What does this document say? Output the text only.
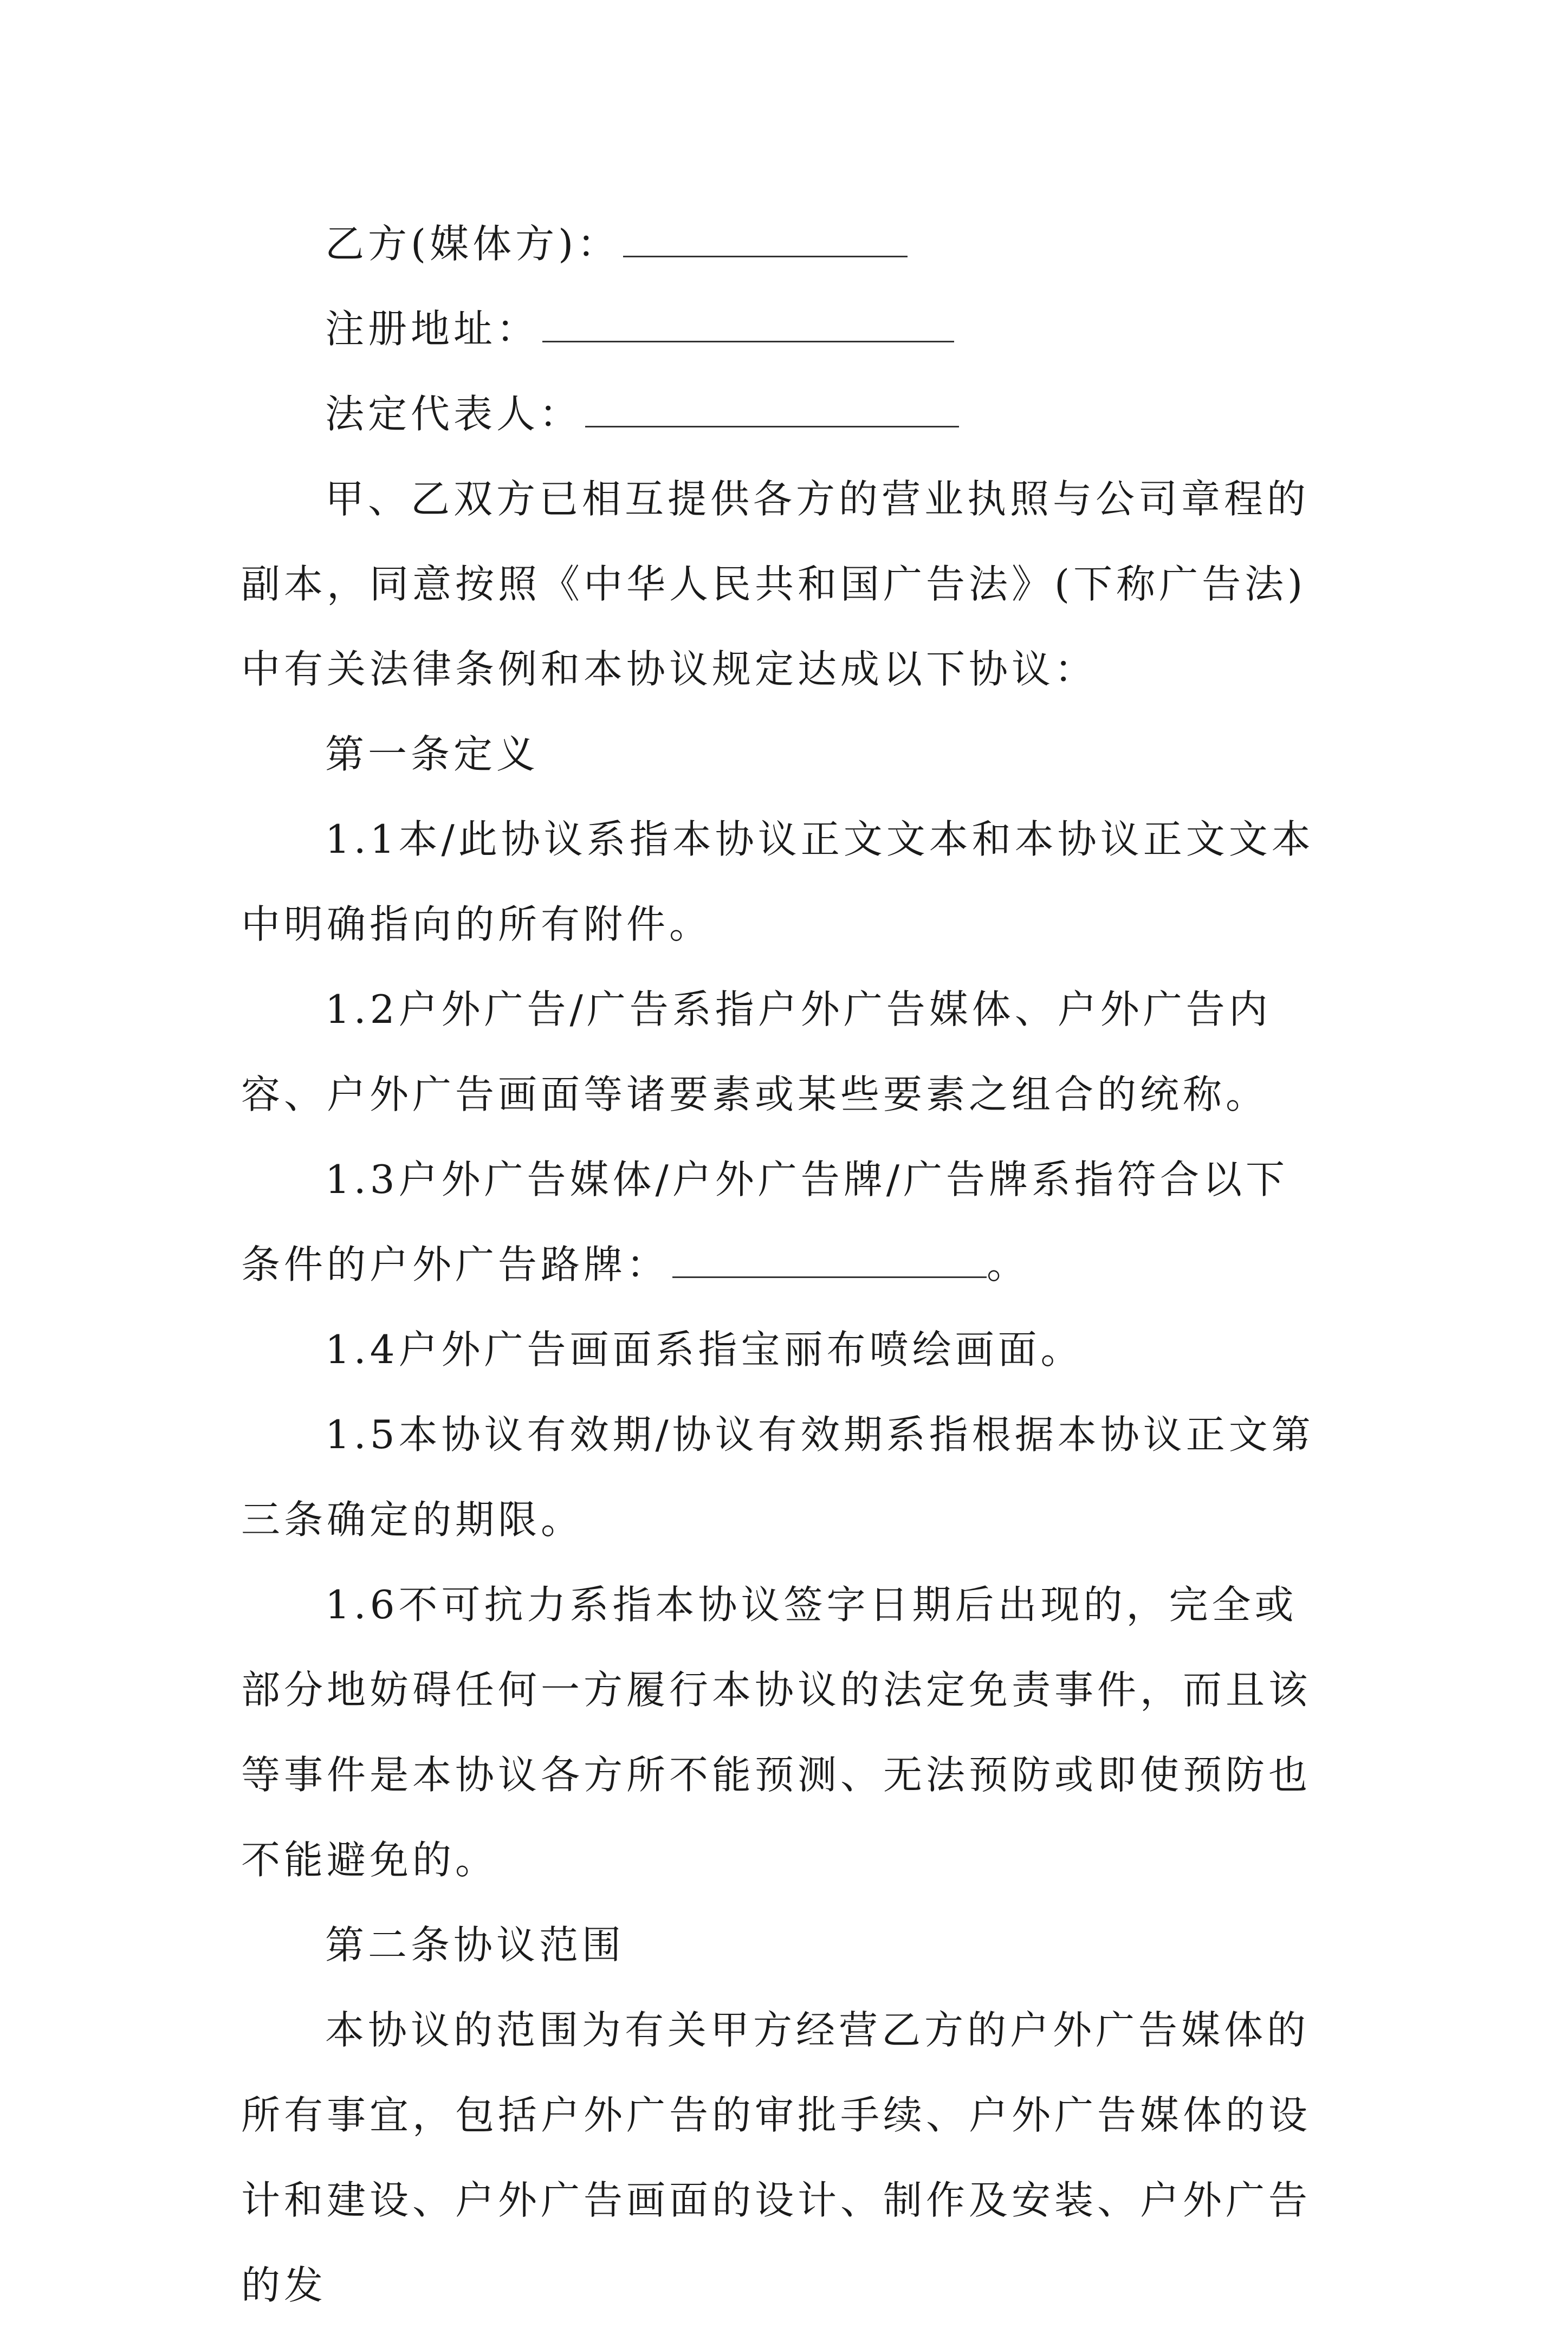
乙方(媒体方)：

注册地址：

法定代表人：

甲、乙双方已相互提供各方的营业执照与公司章程的副本，同意按照《中华人民共和国广告法》(下称广告法)中有关法律条例和本协议规定达成以下协议：

第一条定义

1.1本/此协议系指本协议正文文本和本协议正文文本中明确指向的所有附件。

1.2户外广告/广告系指户外广告媒体、户外广告内容、户外广告画面等诸要素或某些要素之组合的统称。

1.3户外广告媒体/户外广告牌/广告牌系指符合以下条件的户外广告路牌：	。

1.4户外广告画面系指宝丽布喷绘画面。

1.5本协议有效期/协议有效期系指根据本协议正文第三条确定的期限。

1.6不可抗力系指本协议签字日期后出现的，完全或部分地妨碍任何一方履行本协议的法定免责事件，而且该等事件是本协议各方所不能预测、无法预防或即使预防也不能避免的。

第二条协议范围

本协议的范围为有关甲方经营乙方的户外广告媒体的所有事宜，包括户外广告的审批手续、户外广告媒体的设计和建设、户外广告画面的设计、制作及安装、户外广告的发
